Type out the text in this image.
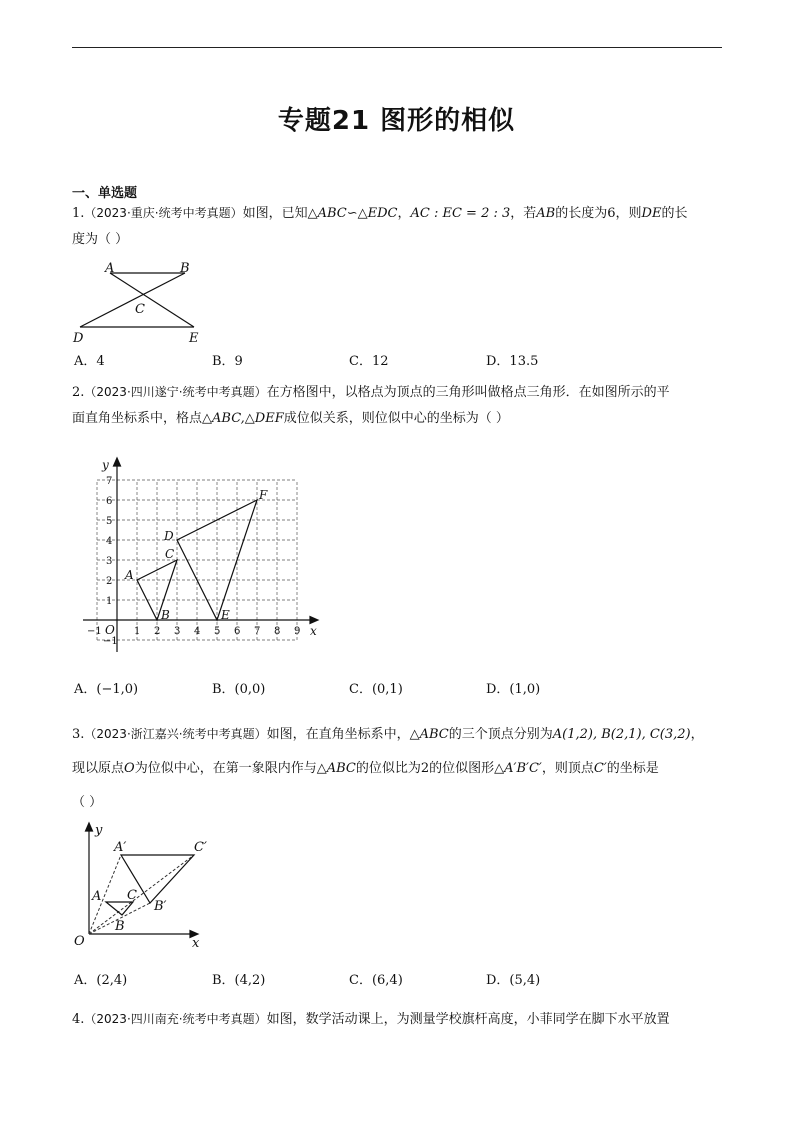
专题21 图形的相似
一、单选题
1.（2023·重庆·统考中考真题）如图，已知△ABC∽△EDC，AC : EC = 2 : 3，若AB的长度为6，则DE的长
度为（ ）
A	B
C
D	E
A．4	B．9	C．12	D．13.5
2.（2023·四川遂宁·统考中考真题）在方格图中，以格点为顶点的三角形叫做格点三角形．在如图所示的平
面直角坐标系中，格点△ABC,△DEF成位似关系，则位似中心的坐标为（ ）
−1	1 2 3 4 5 6 7 8 9
−1
1
2
3
4
5
6
7
y
x
O
A
B
C
D
E
F
A．(−1,0)	B．(0,0)	C．(0,1)	D．(1,0)
3.（2023·浙江嘉兴·统考中考真题）如图，在直角坐标系中，△ABC的三个顶点分别为A(1,2), B(2,1), C(3,2)，
现以原点O为位似中心，在第一象限内作与△ABC的位似比为2的位似图形△A′B′C′，则顶点C′的坐标是
（ ）
y
x
O
A
B
C
A′
B′
C′
A．(2,4)	B．(4,2)	C．(6,4)	D．(5,4)
4.（2023·四川南充·统考中考真题）如图，数学活动课上，为测量学校旗杆高度，小菲同学在脚下水平放置
